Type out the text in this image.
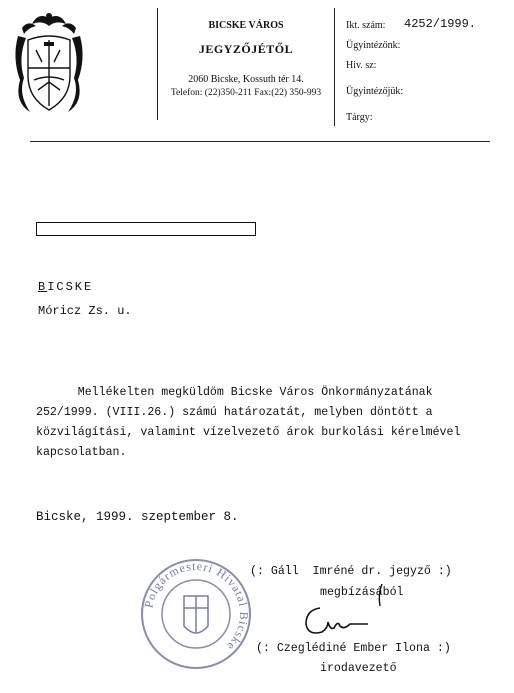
BICSKE VÁROS
JEGYZŐJÉTŐL
2060 Bicske, Kossuth tér 14.
Telefon: (22)350-211 Fax:(22) 350-993
Ikt. szám: 4252/1999.
Ügyintézőnk:
Hiv. sz:
Ügyintézőjük:
Tárgy:
BICSKE
Móricz Zs. u.
Mellékelten megküldöm Bicske Város Önkormányzatának
252/1999. (VIII.26.) számú határozatát, melyben döntött a
közvilágítási, valamint vízelvezető árok burkolási kérelmével
kapcsolatban.
Bicske, 1999. szeptember 8.
Polgármesteri Hivatal Bicske
(: Gáll  Imréné dr. jegyző :)
megbízásából
(: Czeglédiné Ember Ilona :)
irodavezető
